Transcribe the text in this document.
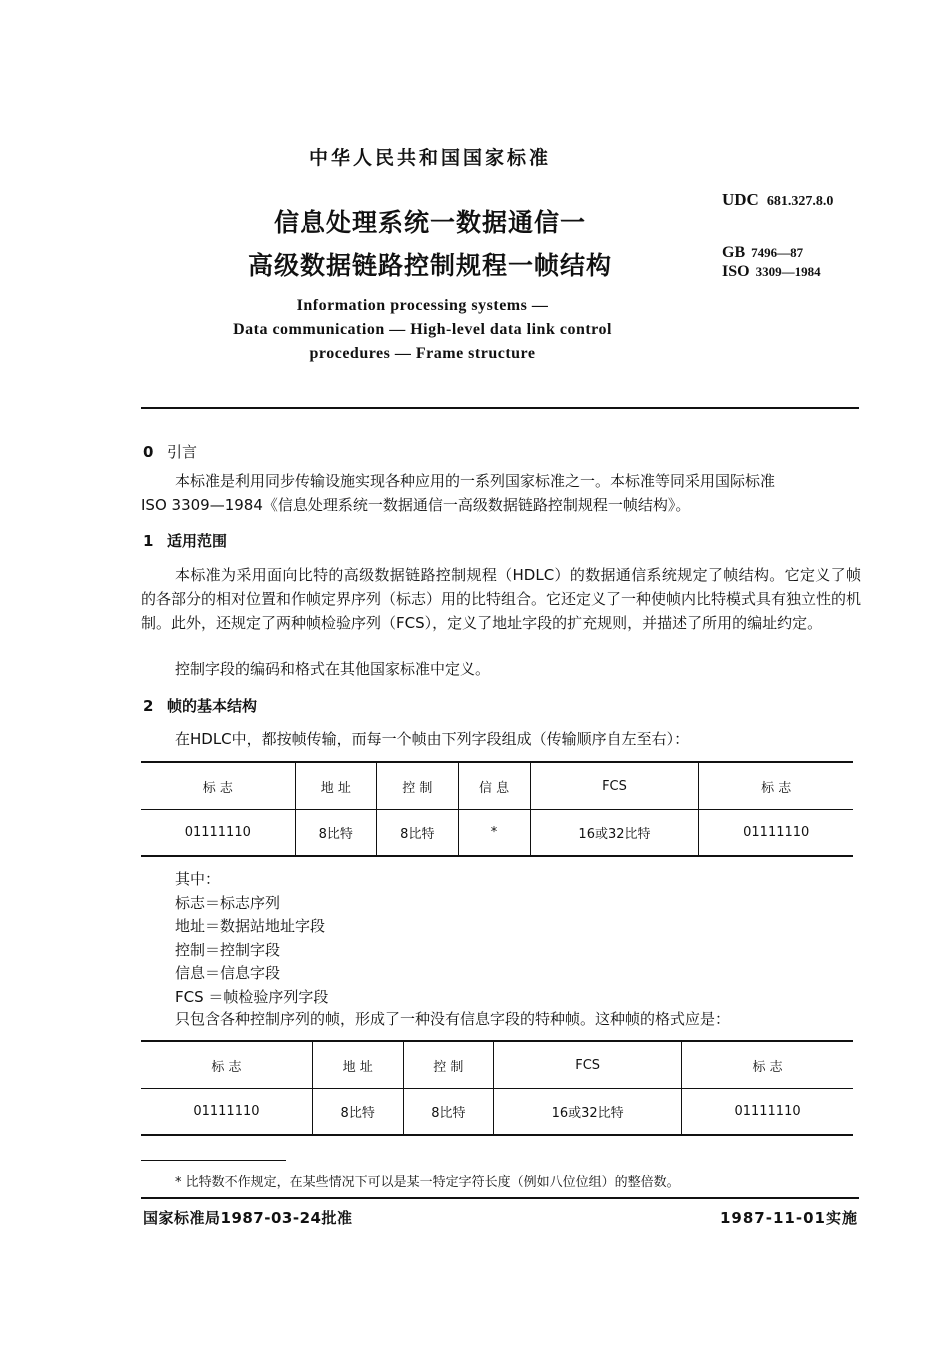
中华人民共和国国家标准
信息处理系统一数据通信一
高级数据链路控制规程一帧结构
Information processing systems —
Data communication — High-level data link control
procedures — Frame structure
UDC 681.327.8.0
GB 7496—87
ISO 3309—1984
0 引言

本标准是利用同步传输设施实现各种应用的一系列国家标准之一。本标准等同采用国际标准

ISO 3309—1984《信息处理系统一数据通信一高级数据链路控制规程一帧结构》。

1 适用范围

本标准为采用面向比特的高级数据链路控制规程（HDLC）的数据通信系统规定了帧结构。它定义了帧的各部分的相对位置和作帧定界序列（标志）用的比特组合。它还定义了一种使帧内比特模式具有独立性的机制。此外，还规定了两种帧检验序列（FCS），定义了地址字段的扩充规则，并描述了所用的编址约定。

控制字段的编码和格式在其他国家标准中定义。

2 帧的基本结构

在HDLC中，都按帧传输，而每一个帧由下列字段组成（传输顺序自左至右）：

标 志	地 址	控 制	信 息	FCS	标 志
01111110	8比特	8比特	*	16或32比特	01111110
其中：
标志＝标志序列
地址＝数据站地址字段
控制＝控制字段
信息＝信息字段
FCS ＝帧检验序列字段
只包含各种控制序列的帧，形成了一种没有信息字段的特种帧。这种帧的格式应是：
标 志	地 址	控 制	FCS	标 志
01111110	8比特	8比特	16或32比特	01111110
* 比特数不作规定，在某些情况下可以是某一特定字符长度（例如八位位组）的整倍数。
国家标准局1987-03-24批准	1987-11-01实施
